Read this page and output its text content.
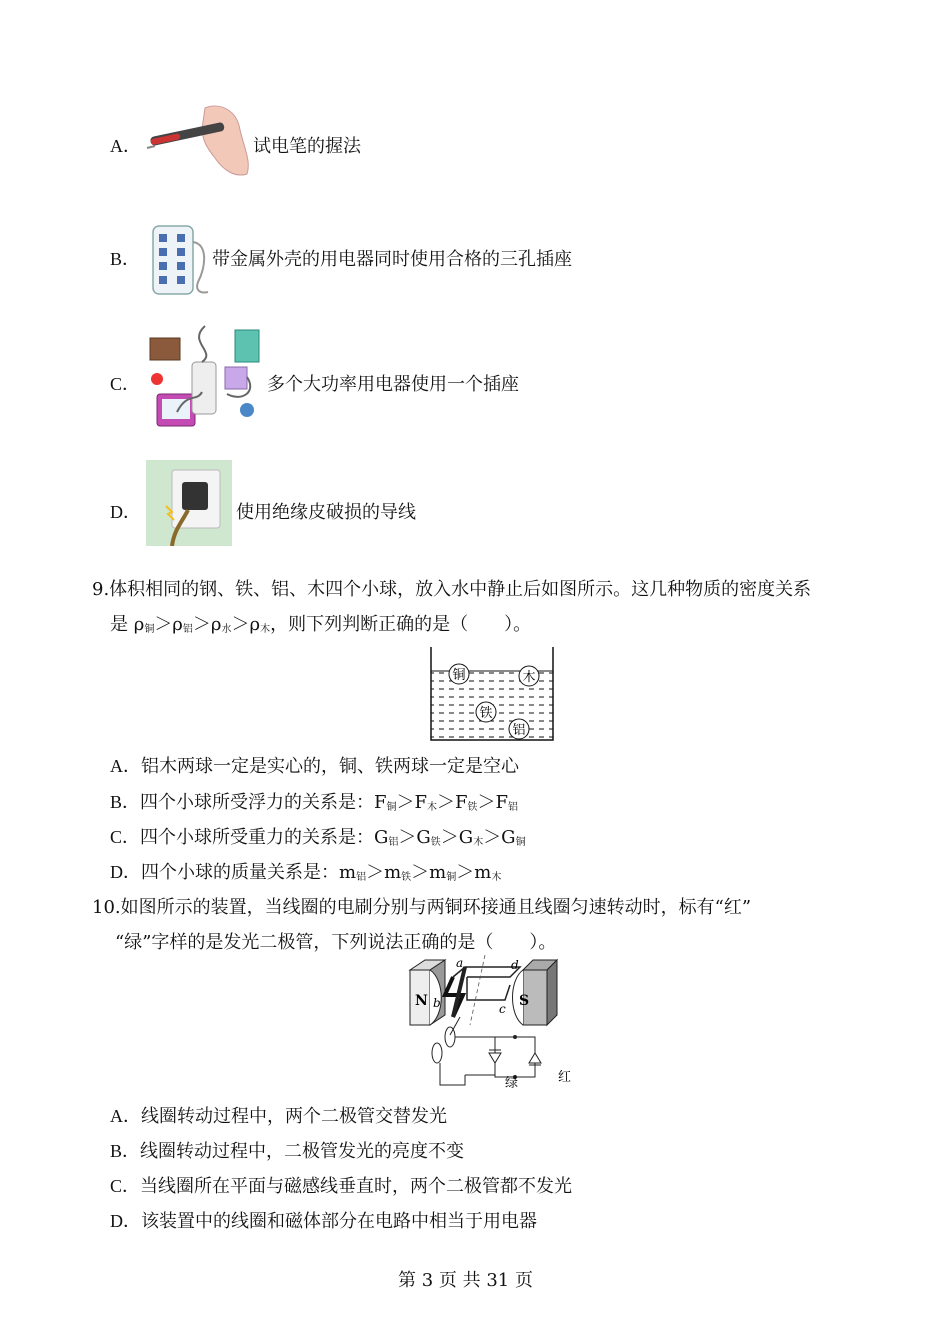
A．	试电笔的握法
B．	带金属外壳的用电器同时使用合格的三孔插座
C．	多个大功率用电器使用一个插座
D．	使用绝缘皮破损的导线
9.体积相同的钢、铁、铝、木四个小球，放入水中静止后如图所示。这几种物质的密度关系
是 $\rho_铜>\rho_铝>\rho_水>\rho_木$，则下列判断正确的是（　　）。
铜	木
铁
铝
A．铝木两球一定是实心的，铜、铁两球一定是空心
B．四个小球所受浮力的关系是：$F_铜>F_木>F_铁>F_铝$
C．四个小球所受重力的关系是：$G_铝>G_铁>G_木>G_铜$
D．四个小球的质量关系是：$m_铝>m_铁>m_铜>m_木$
10.如图所示的装置，当线圈的电刷分别与两铜环接通且线圈匀速转动时，标有“红”
“绿”字样的是发光二极管，下列说法正确的是（　　）。
N	S
a
b	c
d
绿	红
A．线圈转动过程中，两个二极管交替发光
B．线圈转动过程中，二极管发光的亮度不变
C．当线圈所在平面与磁感线垂直时，两个二极管都不发光
D．该装置中的线圈和磁体部分在电路中相当于用电器
第 3 页 共 31 页
